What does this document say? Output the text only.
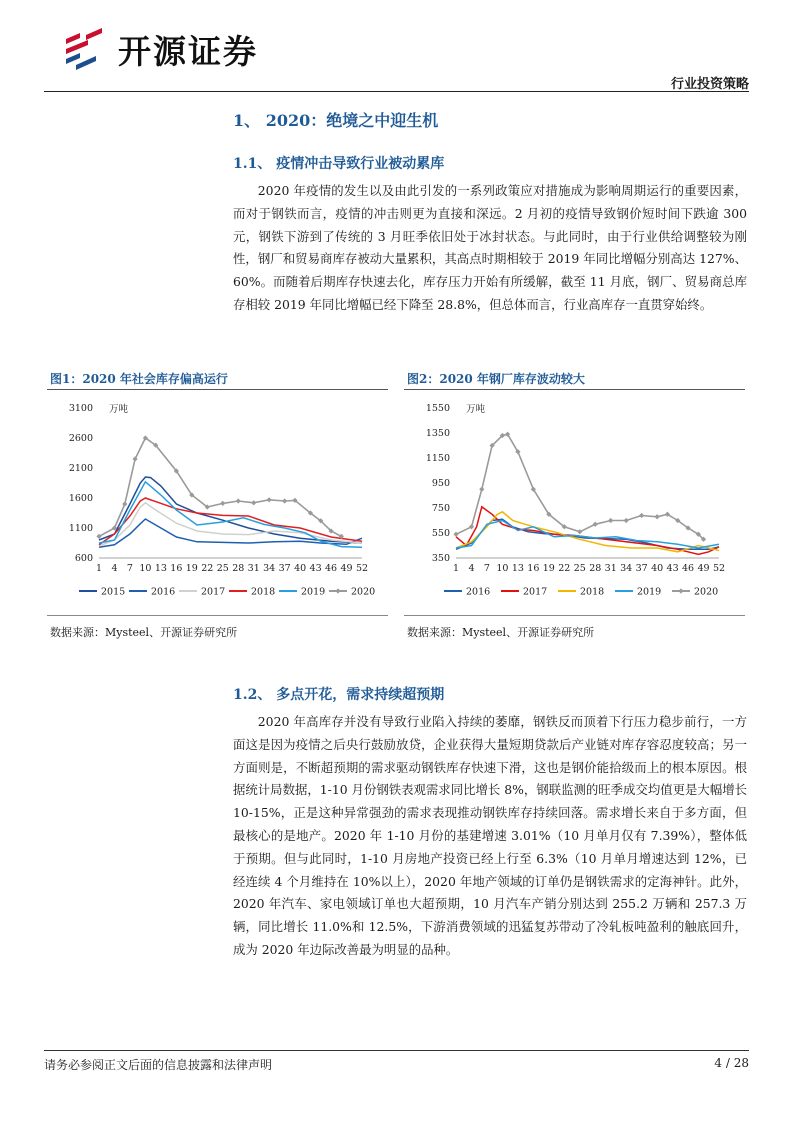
开源证券
行业投资策略
1、 2020：绝境之中迎生机
1.1、 疫情冲击导致行业被动累库

2020 年疫情的发生以及由此引发的一系列政策应对措施成为影响周期运行的重要因素，而对于钢铁而言，疫情的冲击则更为直接和深远。2 月初的疫情导致钢价短时间下跌逾 300 元，钢铁下游到了传统的 3 月旺季依旧处于冰封状态。与此同时，由于行业供给调整较为刚性，钢厂和贸易商库存被动大量累积，其高点时期相较于 2019 年同比增幅分别高达 127%、60%。而随着后期库存快速去化，库存压力开始有所缓解，截至 11 月底，钢厂、贸易商总库存相较 2019 年同比增幅已经下降至 28.8%，但总体而言，行业高库存一直贯穿始终。

图1：2020 年社会库存偏高运行
600
1100
1600
2100
2600
3100 万吨
1 4 7 10 13 16 19 22 25 28 31 34 37 40 43 46 49 52
2015	2016	2017	2018	2019	2020
数据来源：Mysteel、开源证券研究所
图2：2020 年钢厂库存波动较大
350
550
750
950
1150
1350
1550 万吨
1 4 7 10 13 16 19 22 25 28 31 34 37 40 43 46 49 52
2016	2017	2018	2019	2020
数据来源：Mysteel、开源证券研究所
1.2、 多点开花，需求持续超预期

2020 年高库存并没有导致行业陷入持续的萎靡，钢铁反而顶着下行压力稳步前行，一方面这是因为疫情之后央行鼓励放贷，企业获得大量短期贷款后产业链对库存容忍度较高；另一方面则是，不断超预期的需求驱动钢铁库存快速下滑，这也是钢价能拾级而上的根本原因。根据统计局数据，1-10 月份钢铁表观需求同比增长 8%，钢联监测的旺季成交均值更是大幅增长 10-15%，正是这种异常强劲的需求表现推动钢铁库存持续回落。需求增长来自于多方面，但最核心的是地产。2020 年 1-10 月份的基建增速 3.01%（10 月单月仅有 7.39%），整体低于预期。但与此同时，1-10 月房地产投资已经上行至 6.3%（10 月单月增速达到 12%，已经连续 4 个月维持在 10%以上），2020 年地产领域的订单仍是钢铁需求的定海神针。此外，2020 年汽车、家电领域订单也大超预期，10 月汽车产销分别达到 255.2 万辆和 257.3 万辆，同比增长 11.0%和 12.5%，下游消费领域的迅猛复苏带动了冷轧板吨盈利的触底回升，成为 2020 年边际改善最为明显的品种。

请务必参阅正文后面的信息披露和法律声明	4 / 28
